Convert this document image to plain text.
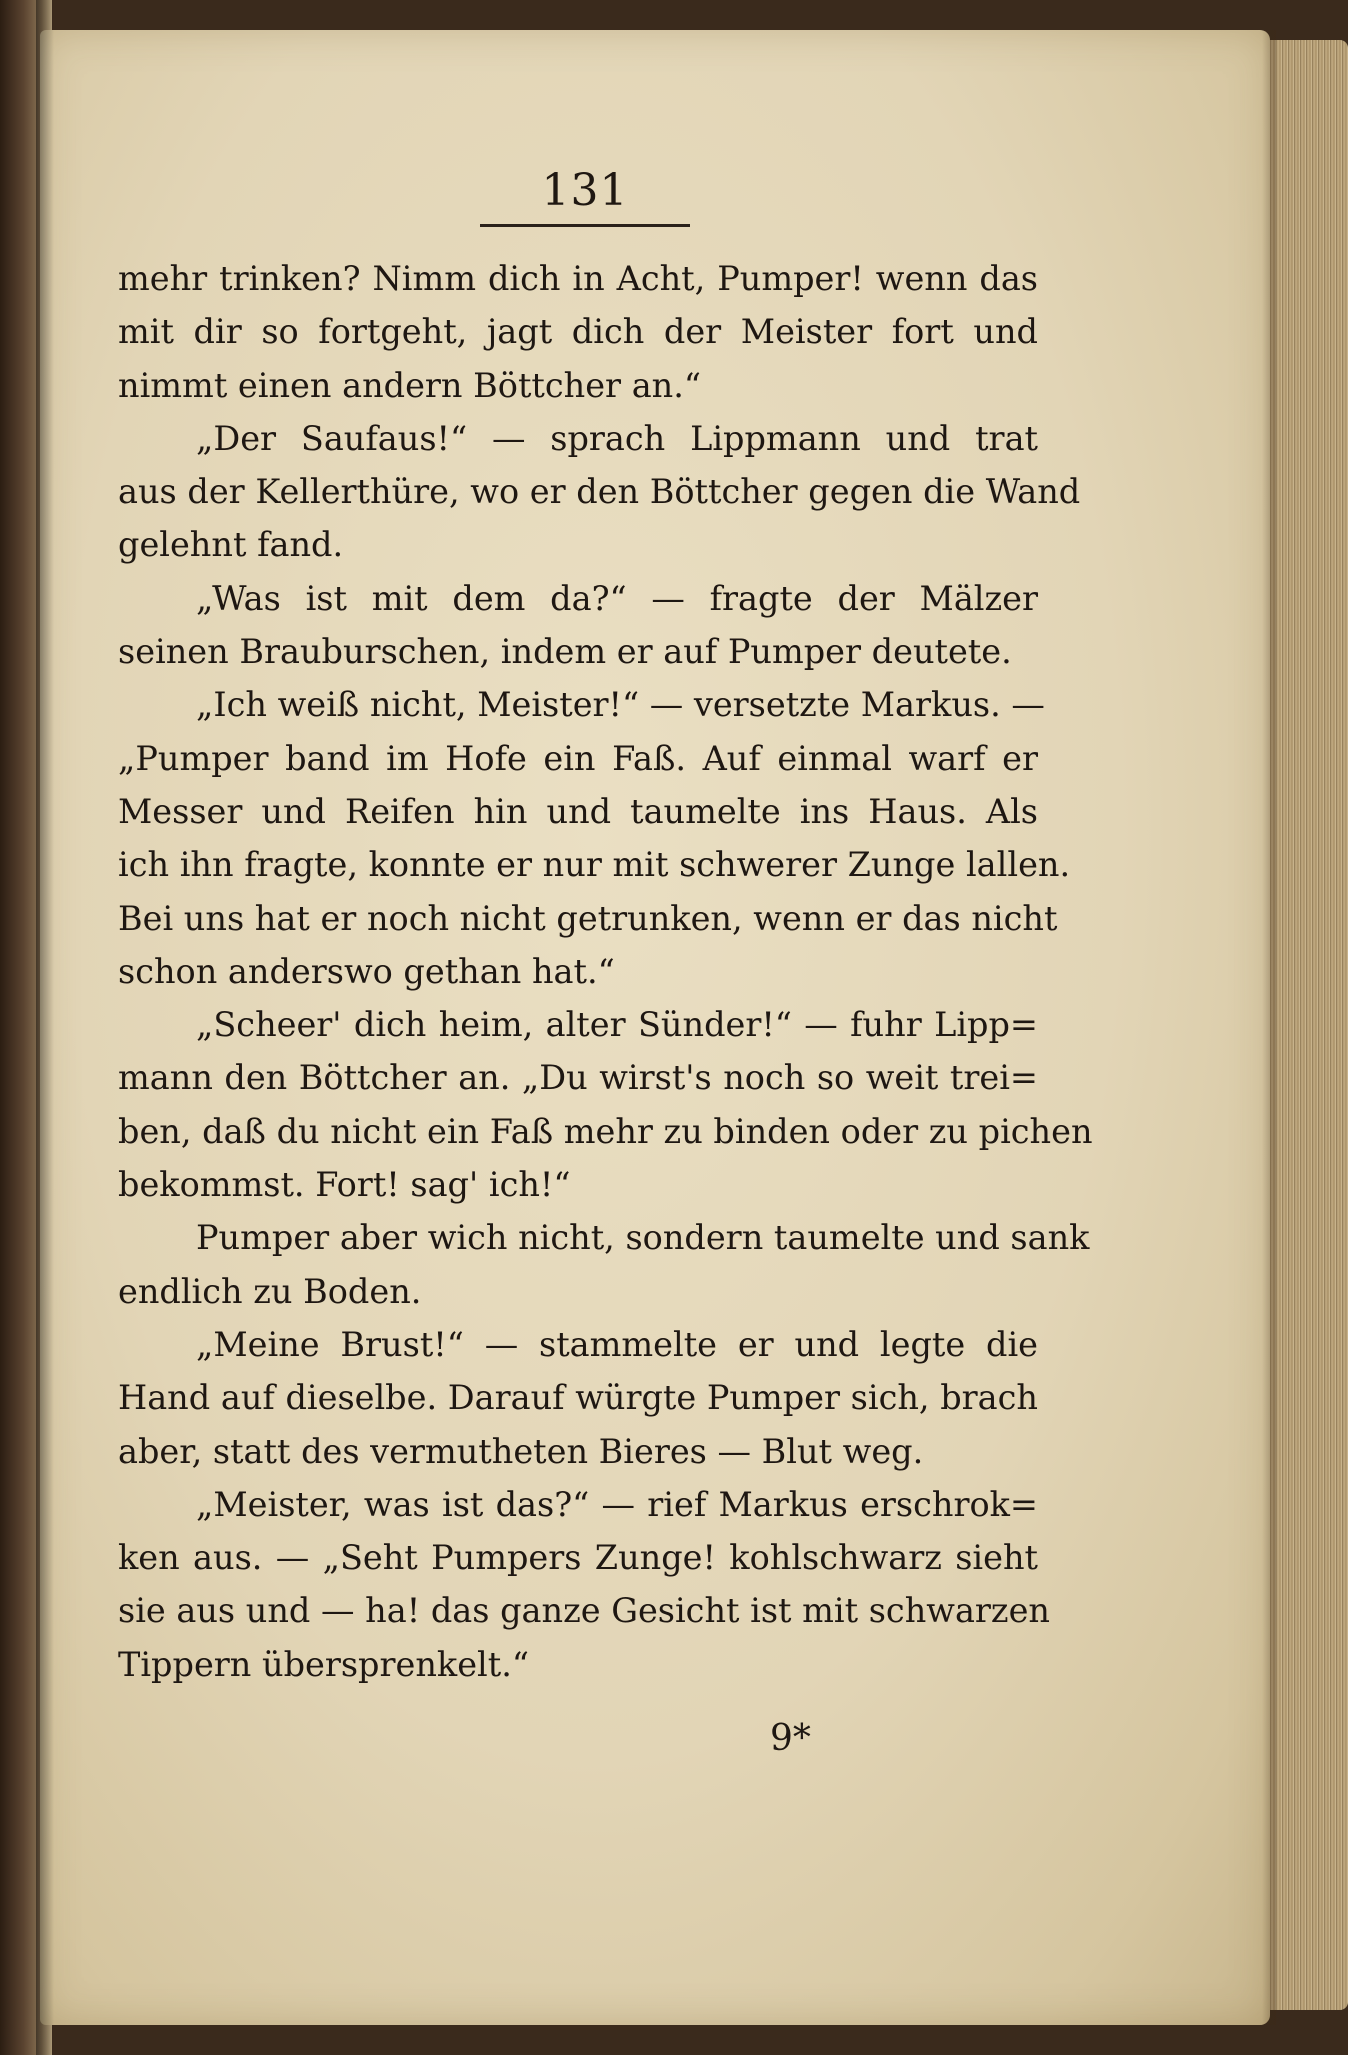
131
mehr trinken? Nimm dich in Acht, Pumper! wenn das
mit dir so fortgeht, jagt dich der Meister fort und
nimmt einen andern Böttcher an.“
„Der Saufaus!“ — sprach Lippmann und trat
aus der Kellerthüre, wo er den Böttcher gegen die Wand
gelehnt fand.
„Was ist mit dem da?“ — fragte der Mälzer
seinen Brauburschen, indem er auf Pumper deutete.
„Ich weiß nicht, Meister!“ — versetzte Markus. —
„Pumper band im Hofe ein Faß. Auf einmal warf er
Messer und Reifen hin und taumelte ins Haus. Als
ich ihn fragte, konnte er nur mit schwerer Zunge lallen.
Bei uns hat er noch nicht getrunken, wenn er das nicht
schon anderswo gethan hat.“
„Scheer' dich heim, alter Sünder!“ — fuhr Lipp=
mann den Böttcher an. „Du wirst's noch so weit trei=
ben, daß du nicht ein Faß mehr zu binden oder zu pichen
bekommst. Fort! sag' ich!“
Pumper aber wich nicht, sondern taumelte und sank
endlich zu Boden.
„Meine Brust!“ — stammelte er und legte die
Hand auf dieselbe. Darauf würgte Pumper sich, brach
aber, statt des vermutheten Bieres — Blut weg.
„Meister, was ist das?“ — rief Markus erschrok=
ken aus. — „Seht Pumpers Zunge! kohlschwarz sieht
sie aus und — ha! das ganze Gesicht ist mit schwarzen
Tippern übersprenkelt.“
9*
